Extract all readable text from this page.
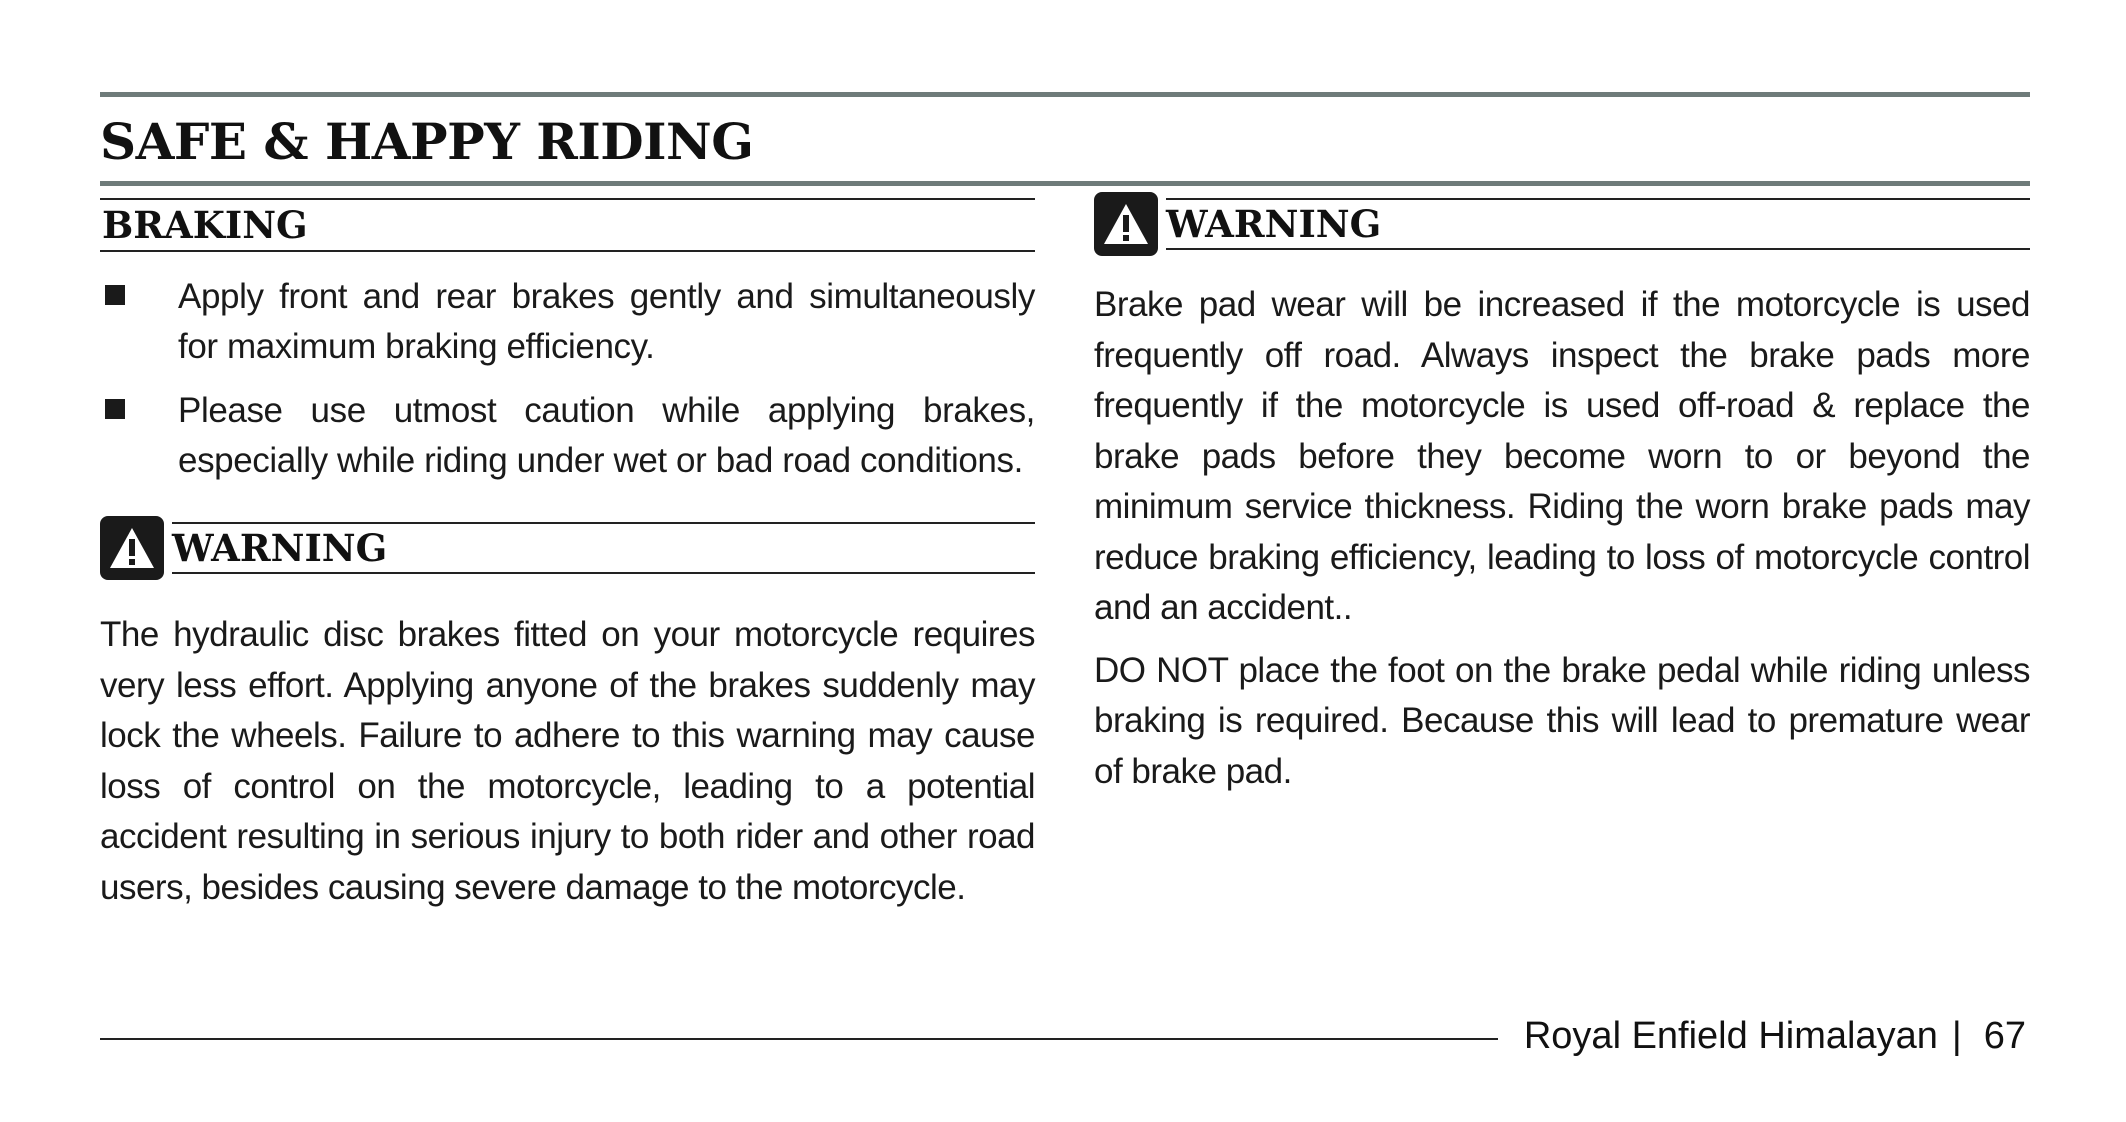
SAFE & HAPPY RIDING
BRAKING
Apply front and rear brakes gently and simultaneously for maximum braking efficiency.
Please use utmost caution while applying brakes, especially while riding under wet or bad road conditions.
WARNING

The hydraulic disc brakes fitted on your motorcycle requires very less effort. Applying anyone of the brakes suddenly may lock the wheels. Failure to adhere to this warning may cause loss of control on the motorcycle, leading to a potential accident resulting in serious injury to both rider and other road users, besides causing severe damage to the motorcycle.

WARNING

Brake pad wear will be increased if the motorcycle is used frequently off road. Always inspect the brake pads more frequently if the motorcycle is used off-road & replace the brake pads before they become worn to or beyond the minimum service thickness. Riding the worn brake pads may reduce braking efficiency, leading to loss of motorcycle control and an accident..

DO NOT place the foot on the brake pedal while riding unless braking is required. Because this will lead to premature wear of brake pad.

Royal Enfield Himalayan | 67
